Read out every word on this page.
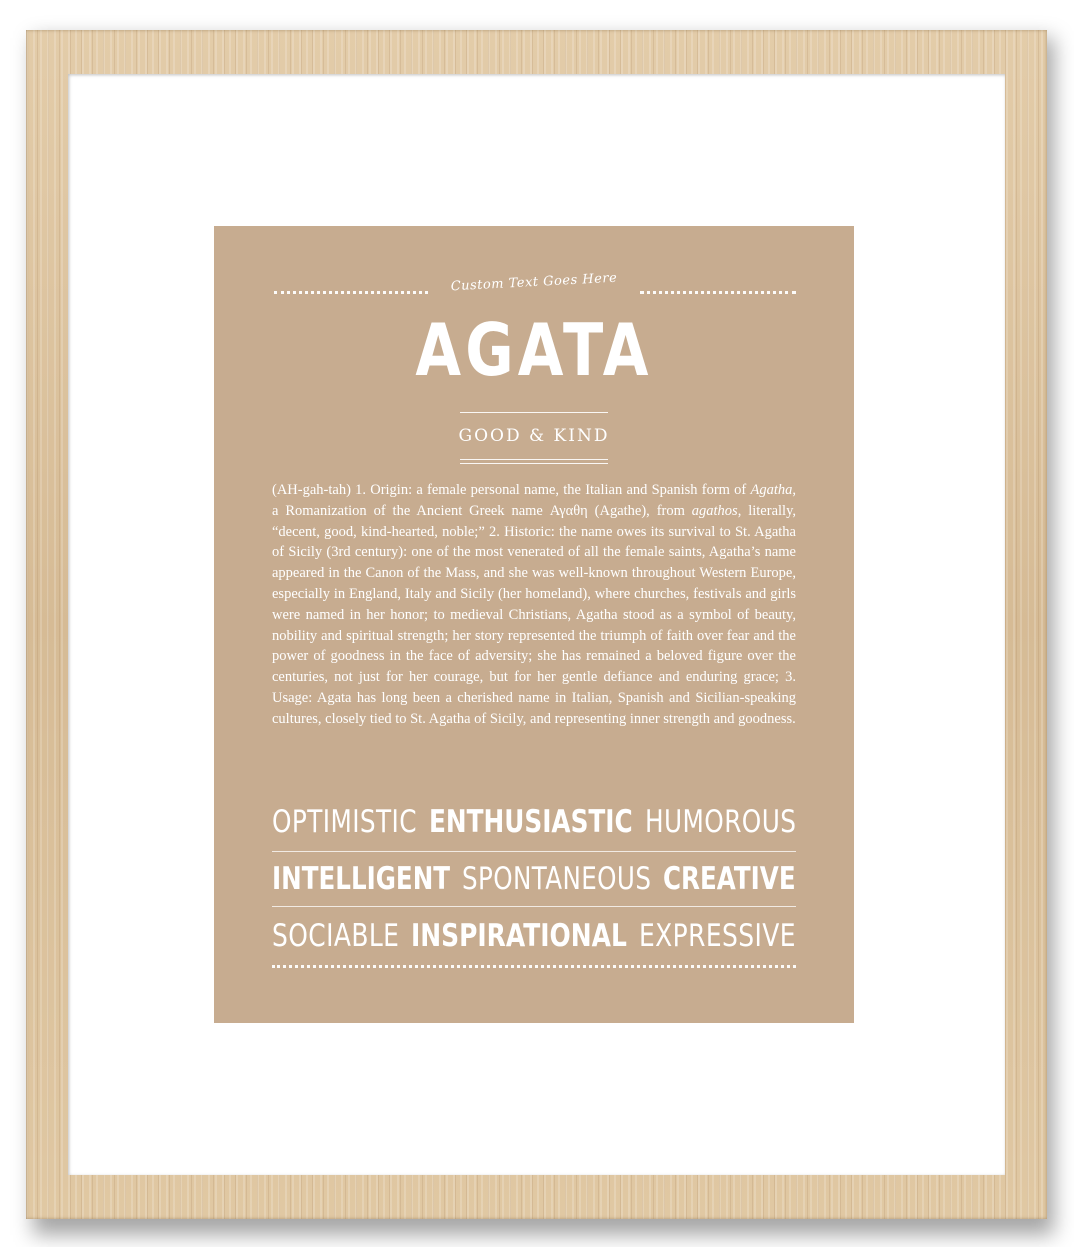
Custom Text Goes Here
AGATA
GOOD & KIND
(AH-gah-tah) 1. Origin: a female personal name, the Italian and Spanish form of Agatha, a Romanization of the Ancient Greek name Αγαθη (Agathe), from agathos, literally, “decent, good, kind-hearted, noble;” 2. Historic: the name owes its survival to St. Agatha of Sicily (3rd century): one of the most venerated of all the female saints, Agatha’s name appeared in the Canon of the Mass, and she was well-known throughout Western Europe, especially in England, Italy and Sicily (her homeland), where churches, festivals and girls were named in her honor; to medieval Christians, Agatha stood as a symbol of beauty, nobility and spiritual strength; her story represented the triumph of faith over fear and the power of goodness in the face of adversity; she has remained a beloved figure over the centuries, not just for her courage, but for her gentle defiance and enduring grace; 3. Usage: Agata has long been a cherished name in Italian, Spanish and Sicilian-speaking cultures, closely tied to St. Agatha of Sicily, and representing inner strength and goodness.
OPTIMISTIC ENTHUSIASTIC HUMOROUS
INTELLIGENT SPONTANEOUS CREATIVE
SOCIABLE INSPIRATIONAL EXPRESSIVE
